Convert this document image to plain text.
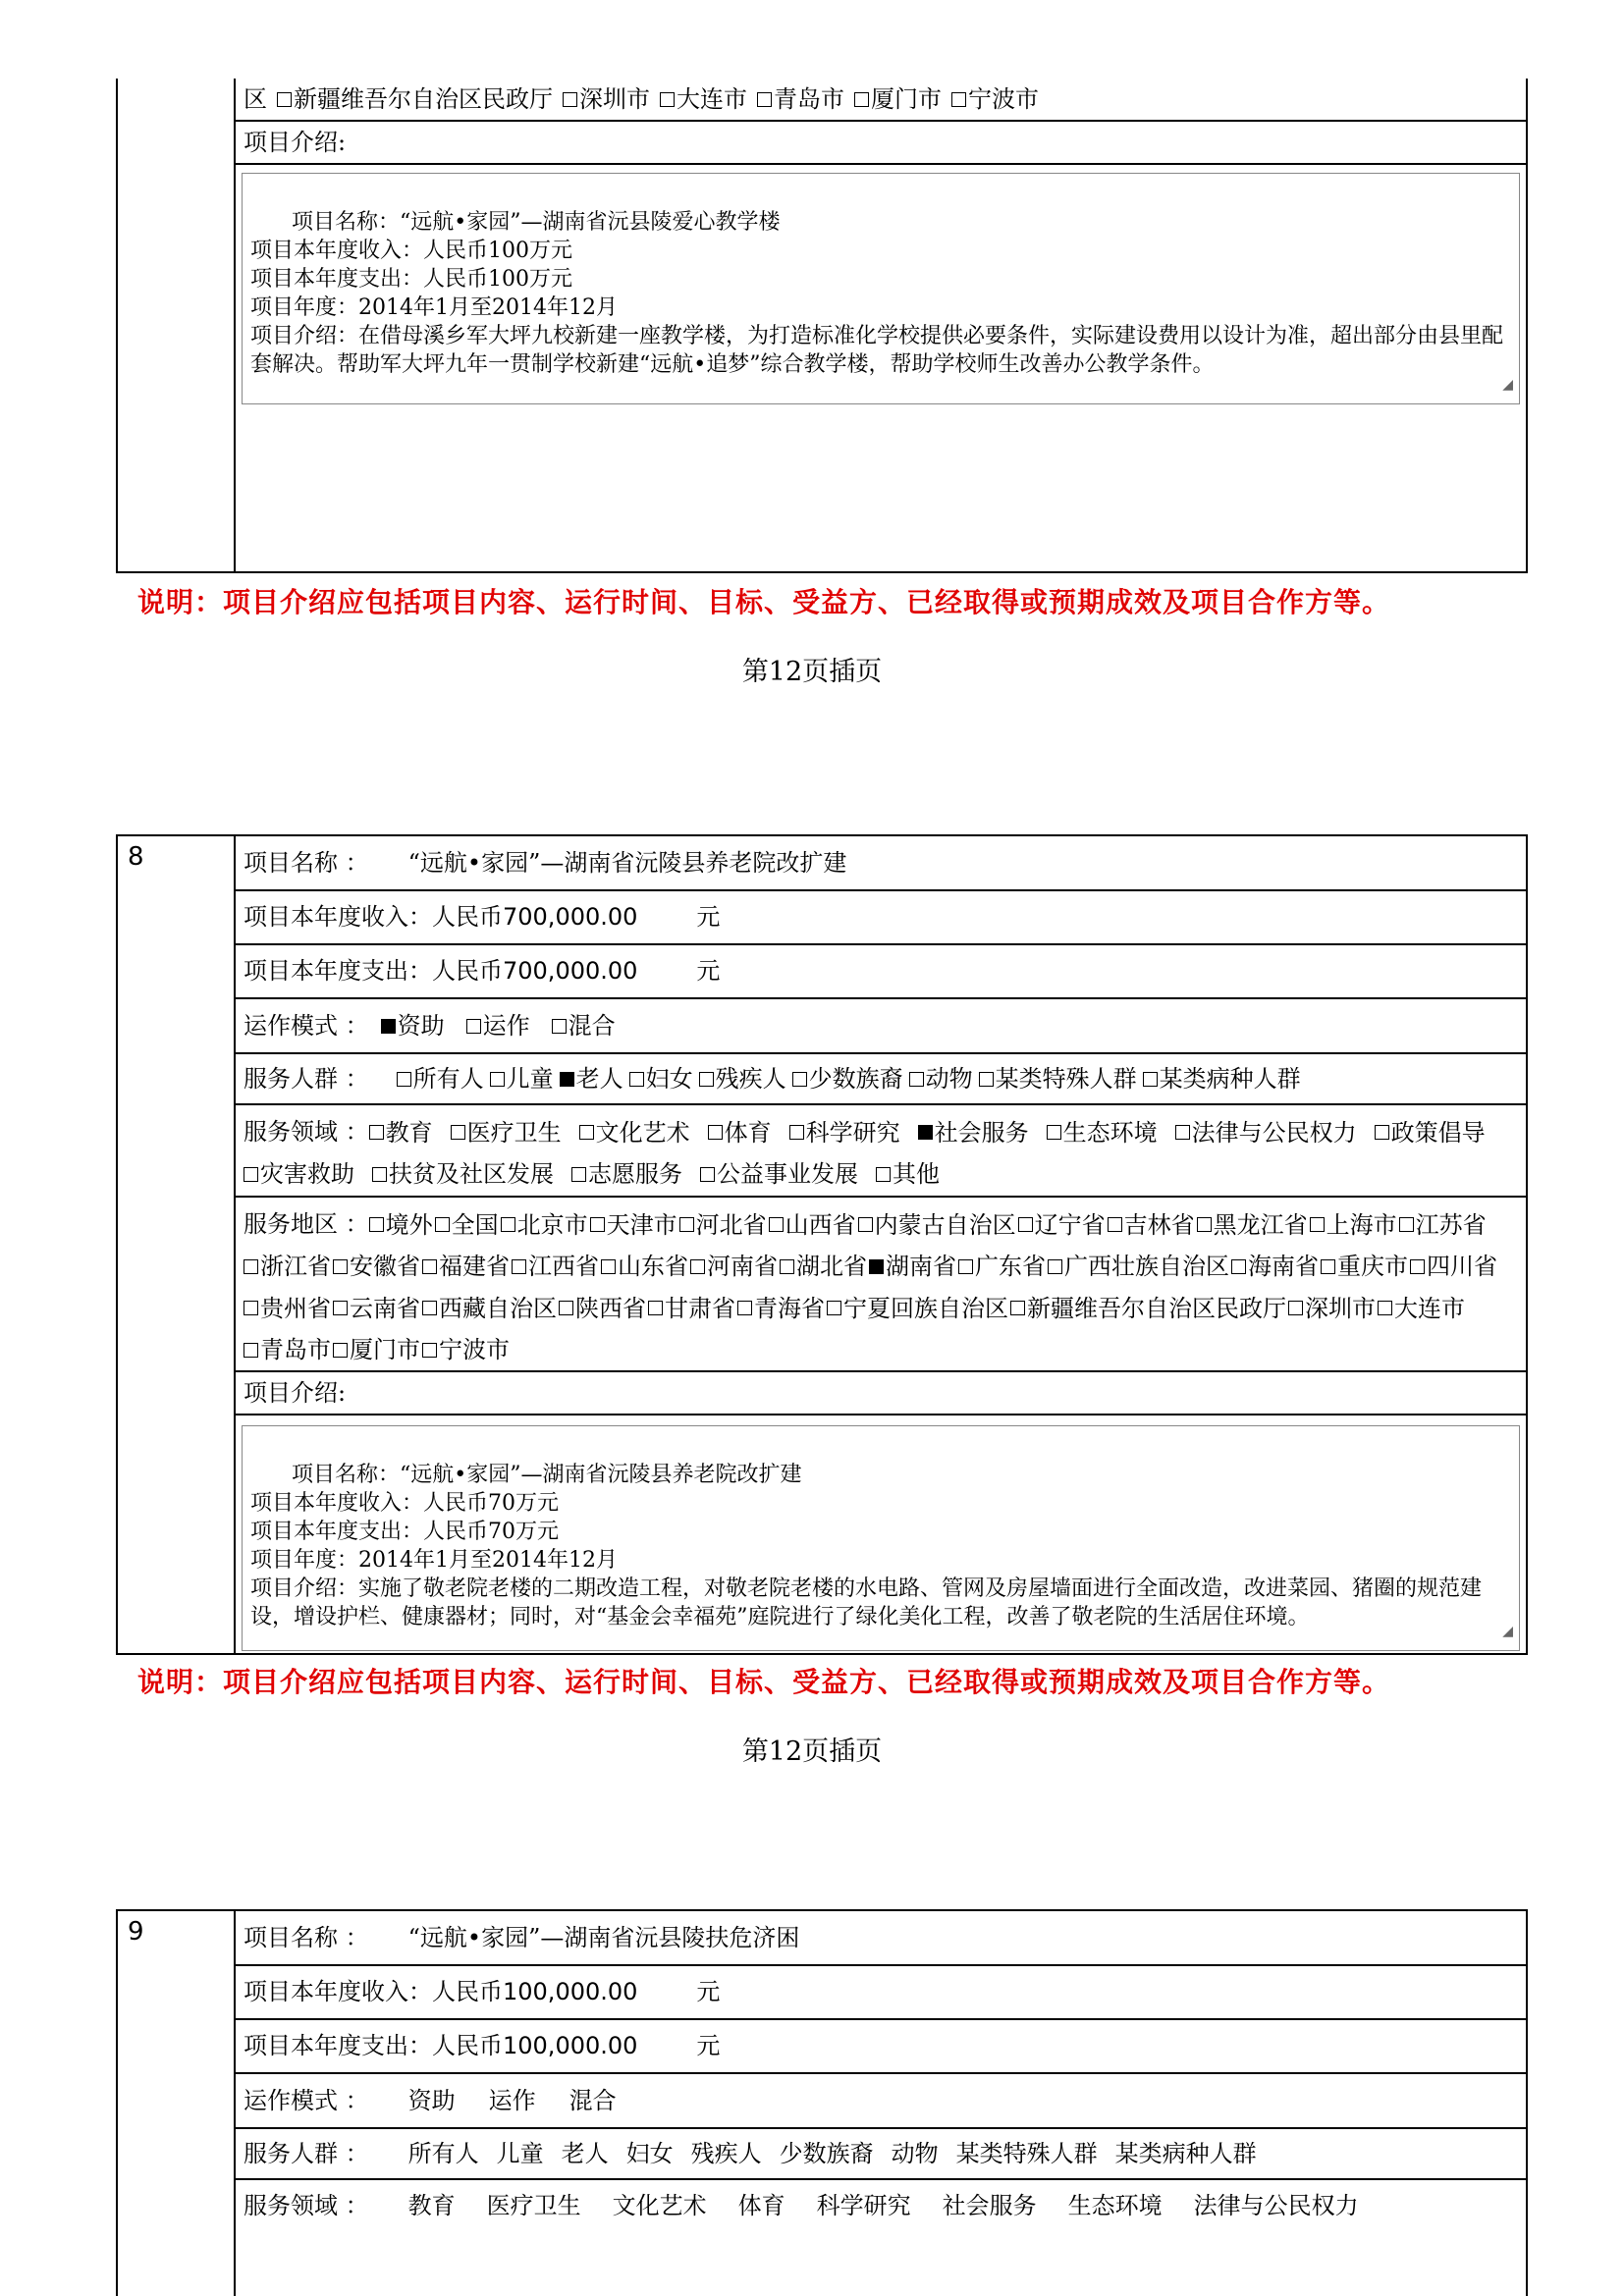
区 新疆维吾尔自治区民政厅 深圳市 大连市 青岛市 厦门市 宁波市
项目介绍:

项目名称：“远航•家园”—湖南省沅县陵爱心教学楼
项目本年度收入：人民币100万元
项目本年度支出：人民币100万元
项目年度：2014年1月至2014年12月
项目介绍：在借母溪乡军大坪九校新建一座教学楼，为打造标准化学校提供必要条件，实际建设费用以设计为准，超出部分由县里配套解决。帮助军大坪九年一贯制学校新建“远航•追梦”综合教学楼，帮助学校师生改善办公教学条件。

◢

说明：项目介绍应包括项目内容、运行时间、目标、受益方、已经取得或预期成效及项目合作方等。
第12页插页
8	项目名称 ： “远航•家园”—湖南省沅陵县养老院改扩建
项目本年度收入：人民币 700,000.00	元
项目本年度支出：人民币 700,000.00	元
运作模式 ： 资助 运作 混合
服务人群 ： 所有人 儿童 老人 妇女 残疾人 少数族裔 动物 某类特殊人群 某类病种人群
服务领域 ： 教育 医疗卫生 文化艺术 体育 科学研究 社会服务 生态环境 法律与公民权力 政策倡导
灾害救助 扶贫及社区发展 志愿服务 公益事业发展 其他
服务地区 ： 境外 全国 北京市 天津市 河北省 山西省 内蒙古自治区 辽宁省 吉林省 黑龙江省 上海市 江苏省
浙江省 安徽省 福建省 江西省 山东省 河南省 湖北省 湖南省 广东省 广西壮族自治区 海南省 重庆市 四川省
贵州省 云南省 西藏自治区 陕西省 甘肃省 青海省 宁夏回族自治区 新疆维吾尔自治区民政厅 深圳市 大连市
青岛市 厦门市 宁波市
项目介绍:

项目名称：“远航•家园”—湖南省沅陵县养老院改扩建
项目本年度收入：人民币70万元
项目本年度支出：人民币70万元
项目年度：2014年1月至2014年12月
项目介绍：实施了敬老院老楼的二期改造工程，对敬老院老楼的水电路、管网及房屋墙面进行全面改造，改进菜园、猪圈的规范建设，增设护栏、健康器材；同时，对“基金会幸福苑”庭院进行了绿化美化工程，改善了敬老院的生活居住环境。

◢

说明：项目介绍应包括项目内容、运行时间、目标、受益方、已经取得或预期成效及项目合作方等。
第12页插页
9	项目名称 ： “远航•家园”—湖南省沅县陵扶危济困
项目本年度收入：人民币 100,000.00	元
项目本年度支出：人民币 100,000.00	元
运作模式 ： 资助 运作 混合
服务人群 ： 所有人 儿童 老人 妇女 残疾人 少数族裔 动物 某类特殊人群 某类病种人群
服务领域 ： 教育 医疗卫生 文化艺术 体育 科学研究 社会服务 生态环境 法律与公民权力
